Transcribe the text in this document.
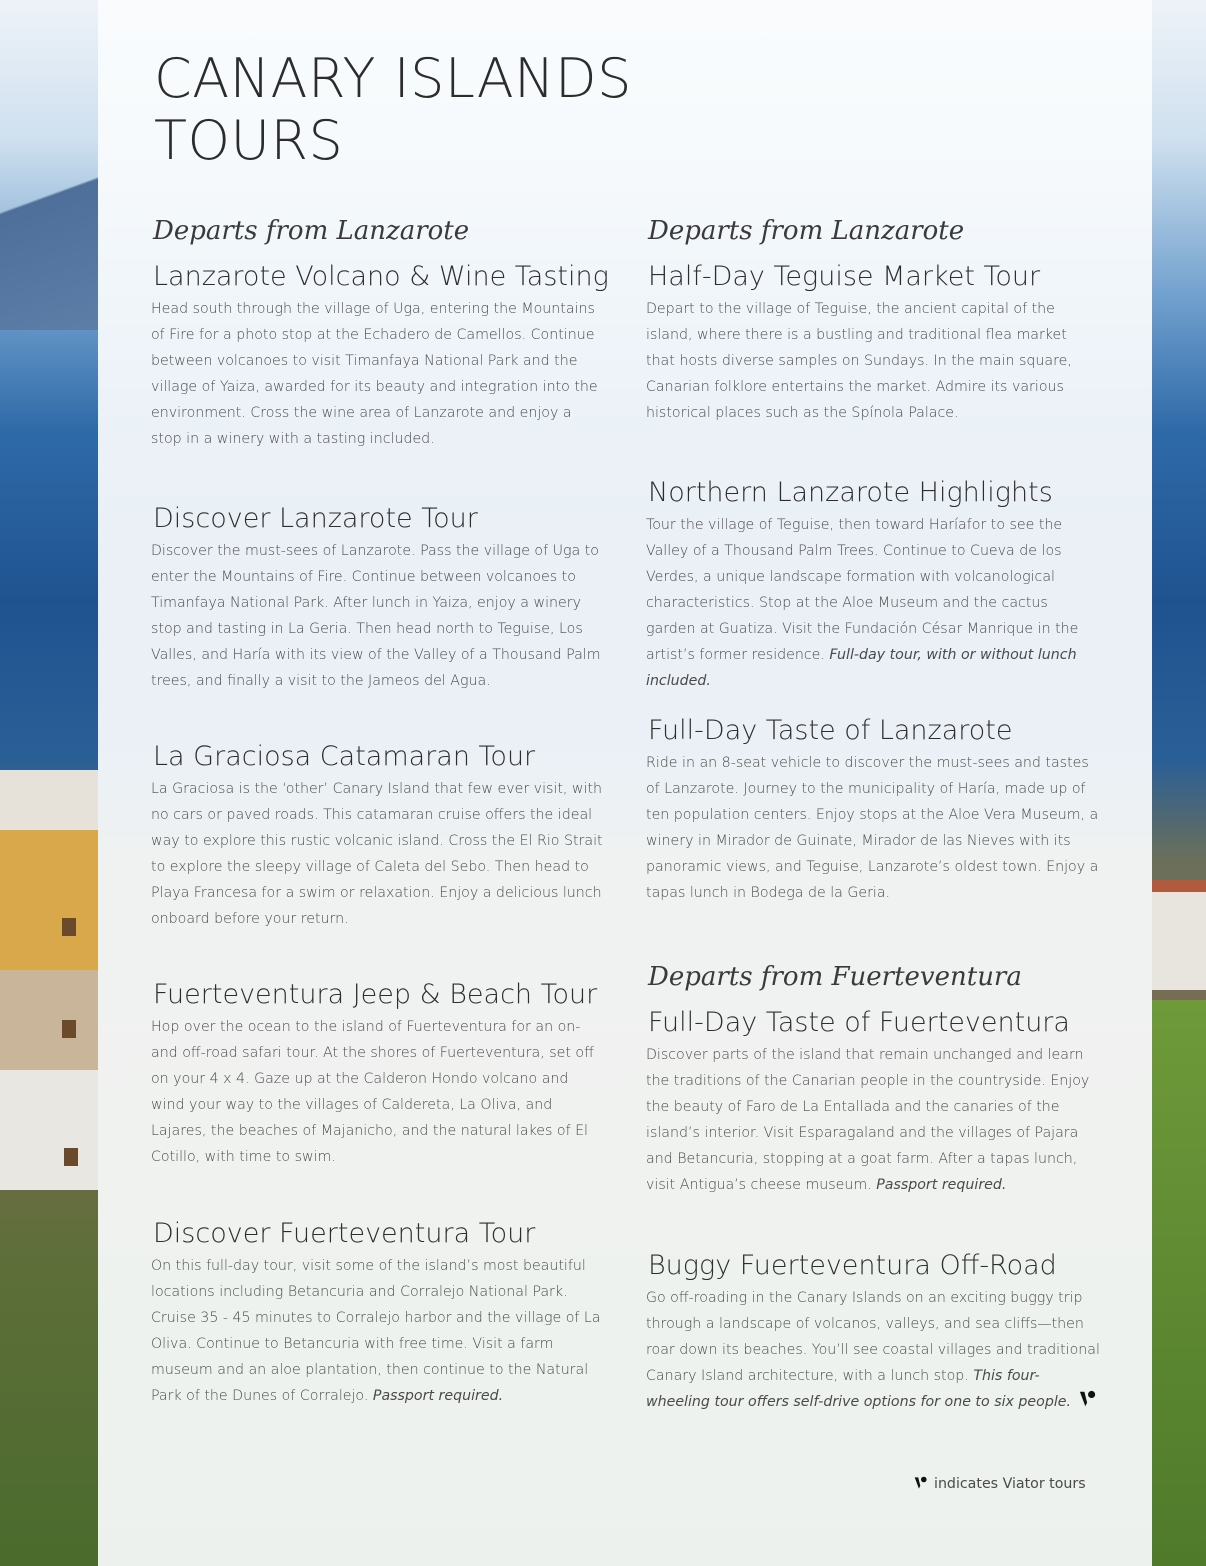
CANARY ISLANDS
TOURS

Departs from Lanzarote

Lanzarote Volcano & Wine Tasting

Head south through the village of Uga, entering the Mountains of Fire for a photo stop at the Echadero de Camellos. Continue between volcanoes to visit Timanfaya National Park and the village of Yaiza, awarded for its beauty and integration into the environment. Cross the wine area of Lanzarote and enjoy a stop in a winery with a tasting included.

Discover Lanzarote Tour

Discover the must-sees of Lanzarote. Pass the village of Uga to enter the Mountains of Fire. Continue between volcanoes to Timanfaya National Park. After lunch in Yaiza, enjoy a winery stop and tasting in La Geria. Then head north to Teguise, Los Valles, and Haría with its view of the Valley of a Thousand Palm trees, and finally a visit to the Jameos del Agua.

La Graciosa Catamaran Tour

La Graciosa is the ‘other’ Canary Island that few ever visit, with no cars or paved roads. This catamaran cruise offers the ideal way to explore this rustic volcanic island. Cross the El Rio Strait to explore the sleepy village of Caleta del Sebo. Then head to Playa Francesa for a swim or relaxation. Enjoy a delicious lunch onboard before your return.

Fuerteventura Jeep & Beach Tour

Hop over the ocean to the island of Fuerteventura for an on-and off-road safari tour. At the shores of Fuerteventura, set off on your 4 x 4. Gaze up at the Calderon Hondo volcano and wind your way to the villages of Caldereta, La Oliva, and Lajares, the beaches of Majanicho, and the natural lakes of El Cotillo, with time to swim.

Discover Fuerteventura Tour

On this full-day tour, visit some of the island’s most beautiful locations including Betancuria and Corralejo National Park. Cruise 35 - 45 minutes to Corralejo harbor and the village of La Oliva. Continue to Betancuria with free time. Visit a farm museum and an aloe plantation, then continue to the Natural Park of the Dunes of Corralejo. Passport required.

Departs from Lanzarote

Half-Day Teguise Market Tour

Depart to the village of Teguise, the ancient capital of the island, where there is a bustling and traditional flea market that hosts diverse samples on Sundays. In the main square, Canarian folklore entertains the market. Admire its various historical places such as the Spínola Palace.

Northern Lanzarote Highlights

Tour the village of Teguise, then toward Haríafor to see the Valley of a Thousand Palm Trees. Continue to Cueva de los Verdes, a unique landscape formation with volcanological characteristics. Stop at the Aloe Museum and the cactus garden at Guatiza. Visit the Fundación César Manrique in the artist’s former residence. Full-day tour, with or without lunch included.

Full-Day Taste of Lanzarote

Ride in an 8-seat vehicle to discover the must-sees and tastes of Lanzarote. Journey to the municipality of Haría, made up of ten population centers. Enjoy stops at the Aloe Vera Museum, a winery in Mirador de Guinate, Mirador de las Nieves with its panoramic views, and Teguise, Lanzarote’s oldest town. Enjoy a tapas lunch in Bodega de la Geria.

Departs from Fuerteventura

Full-Day Taste of Fuerteventura

Discover parts of the island that remain unchanged and learn the traditions of the Canarian people in the countryside. Enjoy the beauty of Faro de La Entallada and the canaries of the island’s interior. Visit Esparagaland and the villages of Pajara and Betancuria, stopping at a goat farm. After a tapas lunch, visit Antigua’s cheese museum. Passport required.

Buggy Fuerteventura Off-Road

Go off-roading in the Canary Islands on an exciting buggy trip through a landscape of volcanos, valleys, and sea cliffs—then roar down its beaches. You’ll see coastal villages and traditional Canary Island architecture, with a lunch stop. This four-wheeling tour offers self-drive options for one to six people.

indicates Viator tours
